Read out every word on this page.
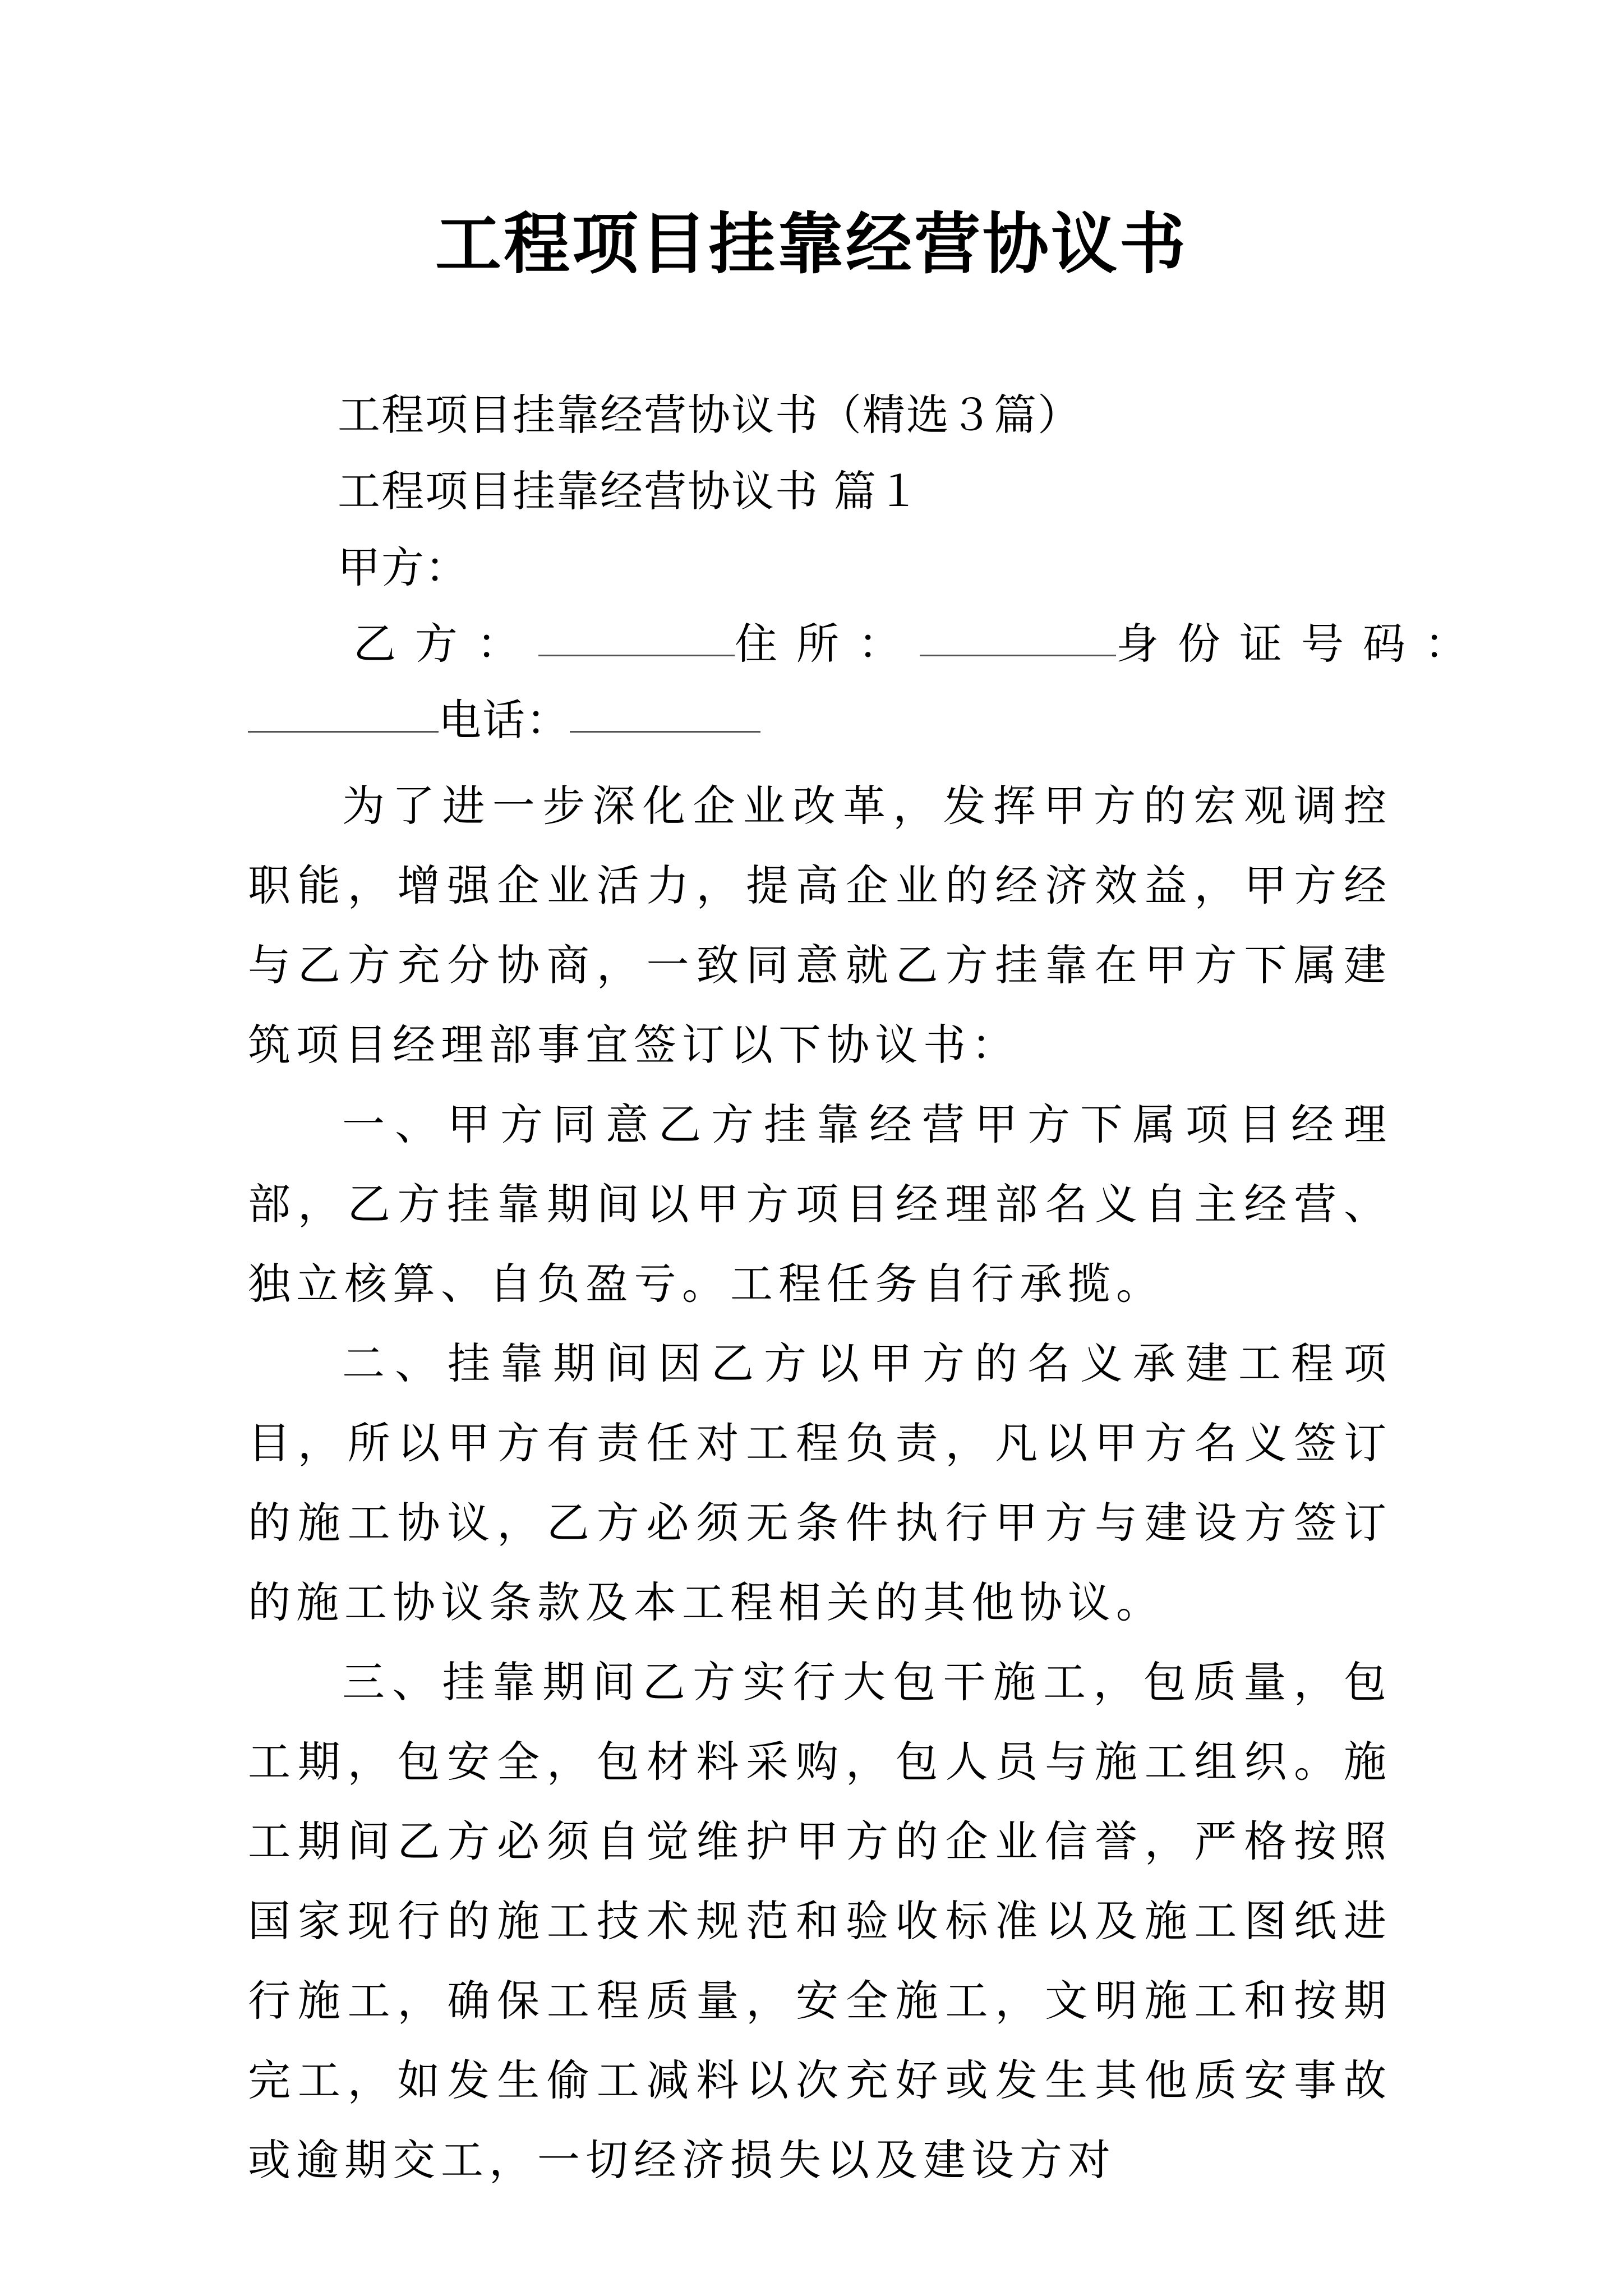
工程项目挂靠经营协议书
工程项目挂靠经营协议书（精选３篇）
工程项目挂靠经营协议书 篇１
甲方：
乙方：	住所：	身份证号码：
电话：
为了进一步深化企业改革，发挥甲方的宏观调控职能，增强企业活力，提高企业的经济效益，甲方经与乙方充分协商，一致同意就乙方挂靠在甲方下属建筑项目经理部事宜签订以下协议书：
一、甲方同意乙方挂靠经营甲方下属项目经理部，乙方挂靠期间以甲方项目经理部名义自主经营、独立核算、自负盈亏。工程任务自行承揽。
二、挂靠期间因乙方以甲方的名义承建工程项目，所以甲方有责任对工程负责，凡以甲方名义签订的施工协议，乙方必须无条件执行甲方与建设方签订的施工协议条款及本工程相关的其他协议。
三、挂靠期间乙方实行大包干施工，包质量，包工期，包安全，包材料采购，包人员与施工组织。施工期间乙方必须自觉维护甲方的企业信誉，严格按照国家现行的施工技术规范和验收标准以及施工图纸进行施工，确保工程质量，安全施工，文明施工和按期完工，如发生偷工减料以次充好或发生其他质安事故或逾期交工，一切经济损失以及建设方对
